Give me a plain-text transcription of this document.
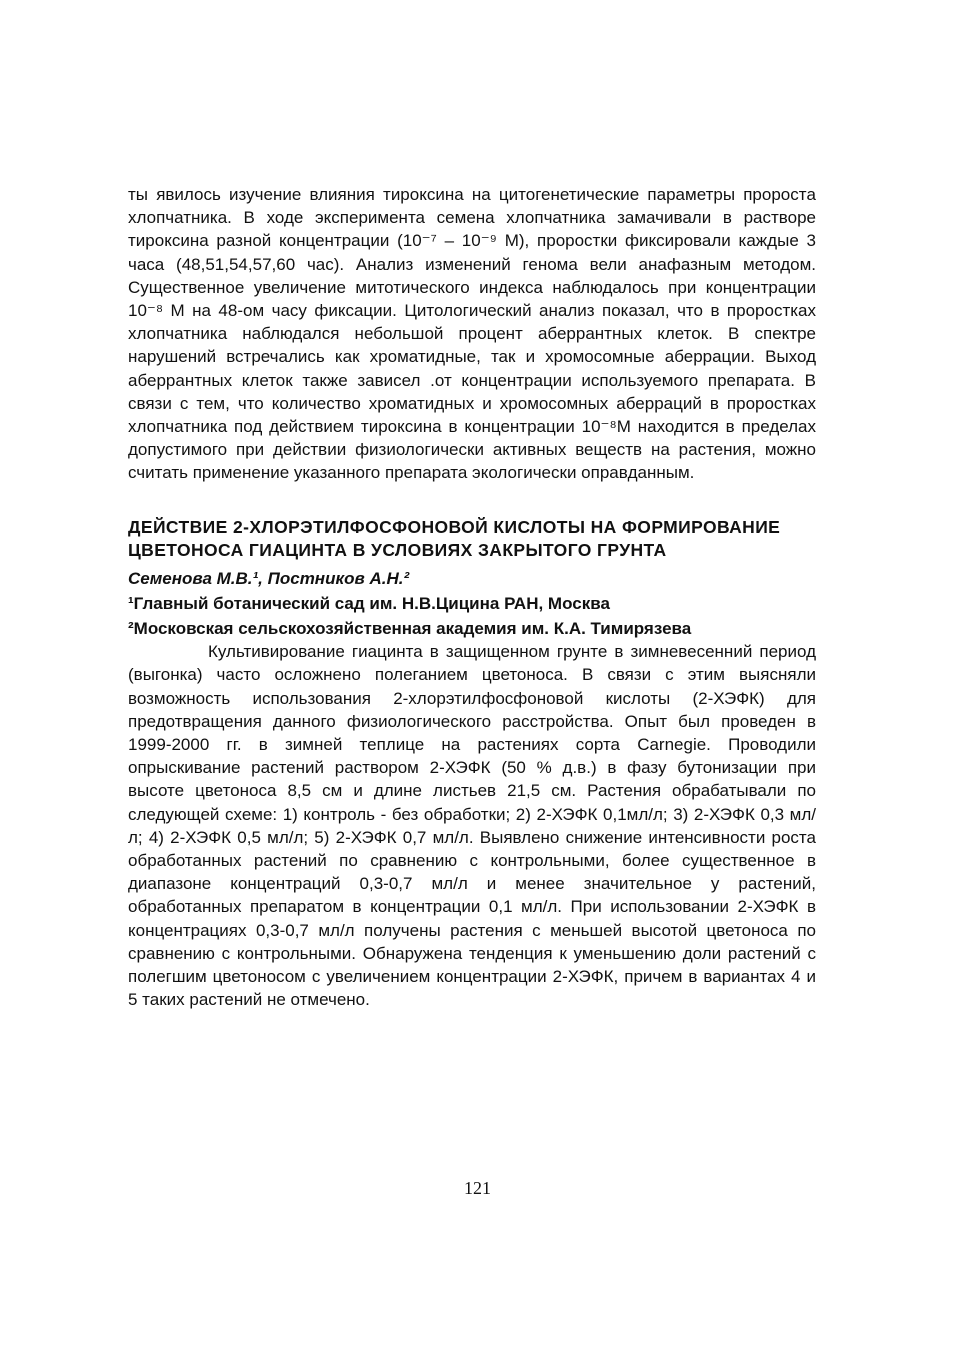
ты явилось изучение влияния тироксина на цитогенетические параметры проростa хлопчатника. В ходе эксперимента семена хлопчатника замачивали в растворе тироксина разной концентрации (10⁻⁷ – 10⁻⁹ М), проростки фиксировали каждые 3 часа (48,51,54,57,60 час). Анализ изменений генома вели анафазным методом. Существенное увеличение митотического индекса наблюдалось при концентрации 10⁻⁸ М на 48-ом часу фиксации. Цитологический анализ показал, что в проростках хлопчатника наблюдался небольшой процент аберрантных клеток. В спектре нарушений встречались как хроматидные, так и хромосомные аберрации. Выход аберрантных клеток также зависел .от концентрации используемого препарата. В связи с тем, что количество хроматидных и хромосомных аберраций в проростках хлопчатника под действием тироксина в концентрации 10⁻⁸М находится в пределах допустимого при действии физиологически активных веществ на растения, можно считать применение указанного препарата экологически оправданным.

ДЕЙСТВИЕ 2-ХЛОРЭТИЛФОСФОНОВОЙ КИСЛОТЫ НА ФОРМИРОВАНИЕ ЦВЕТОНОСА ГИАЦИНТА В УСЛОВИЯХ ЗАКРЫТОГО ГРУНТА

Семенова М.В.¹, Постников А.Н.²

¹Главный ботанический сад им. Н.В.Цицина РАН, Москва

²Московская сельскохозяйственная академия им. К.А. Тимирязева

Культивирование гиацинта в защищенном грунте в зимневесенний период (выгонка) часто осложнено полеганием цветоноса. В связи с этим выясняли возможность использования 2-хлорэтилфосфоновой кислоты (2-ХЭФК) для предотвращения данного физиологического расстройства. Опыт был проведен в 1999-2000 гг. в зимней теплице на растениях сорта Carnegie. Проводили опрыскивание растений раствором 2-ХЭФК (50 % д.в.) в фазу бутонизации при высоте цветоноса 8,5 см и длине листьев 21,5 см. Растения обрабатывали по следующей схеме: 1) контроль - без обработки; 2) 2-ХЭФК 0,1мл/л; 3) 2-ХЭФК 0,3 мл/л; 4) 2-ХЭФК 0,5 мл/л; 5) 2-ХЭФК 0,7 мл/л. Выявлено снижение интенсивности роста обработанных растений по сравнению с контрольными, более существенное в диапазоне концентраций 0,3-0,7 мл/л и менее значительное у растений, обработанных препаратом в концентрации 0,1 мл/л. При использовании 2-ХЭФК в концентрациях 0,3-0,7 мл/л получены растения с меньшей высотой цветоноса по сравнению с контрольными. Обнаружена тенденция к уменьшению доли растений с полегшим цветоносом с увеличением концентрации 2-ХЭФК, причем в вариантах 4 и 5 таких растений не отмечено.

121
